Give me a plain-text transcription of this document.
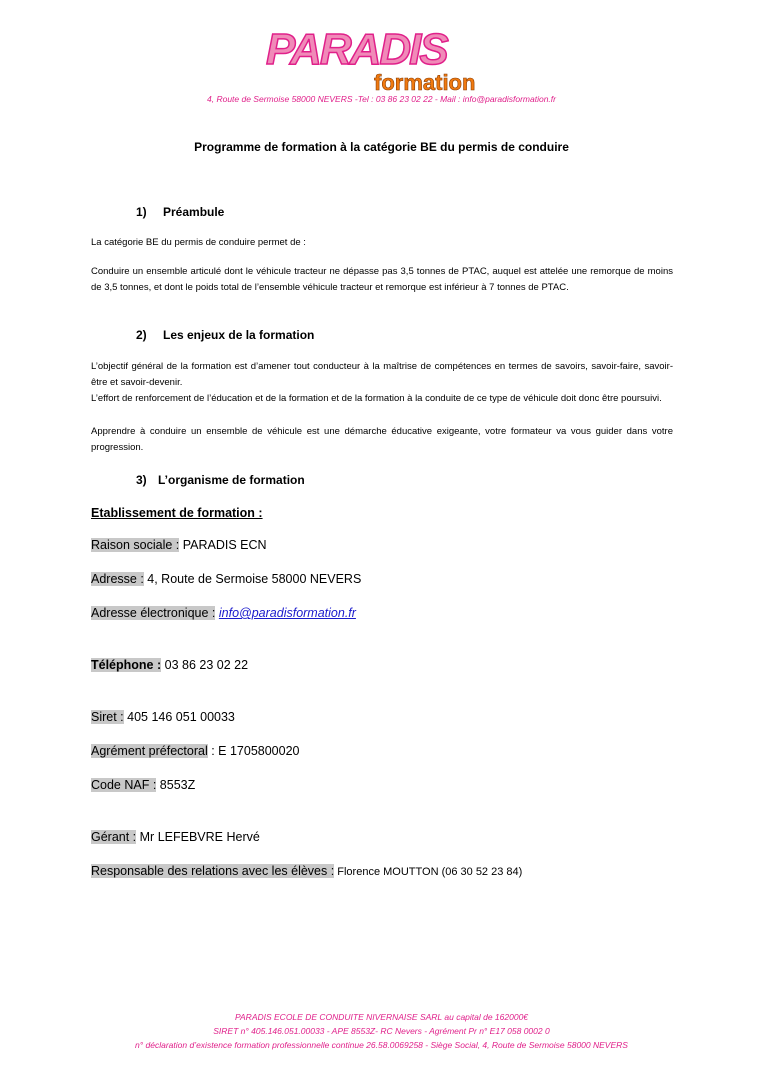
PARADIS
formation
4, Route de Sermoise 58000 NEVERS -Tel : 03 86 23 02 22 - Mail : info@paradisformation.fr
Programme de formation à la catégorie BE du permis de conduire
1) Préambule
La catégorie BE du permis de conduire permet de :
Conduire un ensemble articulé dont le véhicule tracteur ne dépasse pas 3,5 tonnes de PTAC, auquel est attelée une remorque de moins de 3,5 tonnes, et dont le poids total de l’ensemble véhicule tracteur et remorque est inférieur à 7 tonnes de PTAC.
2) Les enjeux de la formation
L’objectif général de la formation est d’amener tout conducteur à la maîtrise de compétences en termes de savoirs, savoir-faire, savoir-être et savoir-devenir.
L’effort de renforcement de l’éducation et de la formation et de la formation à la conduite de ce type de véhicule doit donc être poursuivi.
Apprendre à conduire un ensemble de véhicule est une démarche éducative exigeante, votre formateur va vous guider dans votre progression.
3) L’organisme de formation
Etablissement de formation :
Raison sociale : PARADIS ECN
Adresse : 4, Route de Sermoise 58000 NEVERS
Adresse électronique : info@paradisformation.fr
Téléphone : 03 86 23 02 22
Siret : 405 146 051 00033
Agrément préfectoral : E 1705800020
Code NAF : 8553Z
Gérant : Mr LEFEBVRE Hervé
Responsable des relations avec les élèves : Florence MOUTTON (06 30 52 23 84)
PARADIS ECOLE DE CONDUITE NIVERNAISE SARL au capital de 162000€
SIRET n° 405.146.051.00033 - APE 8553Z- RC Nevers - Agrément Pr n° E17 058 0002 0
n° déclaration d’existence formation professionnelle continue 26.58.0069258 - Siège Social, 4, Route de Sermoise 58000 NEVERS
